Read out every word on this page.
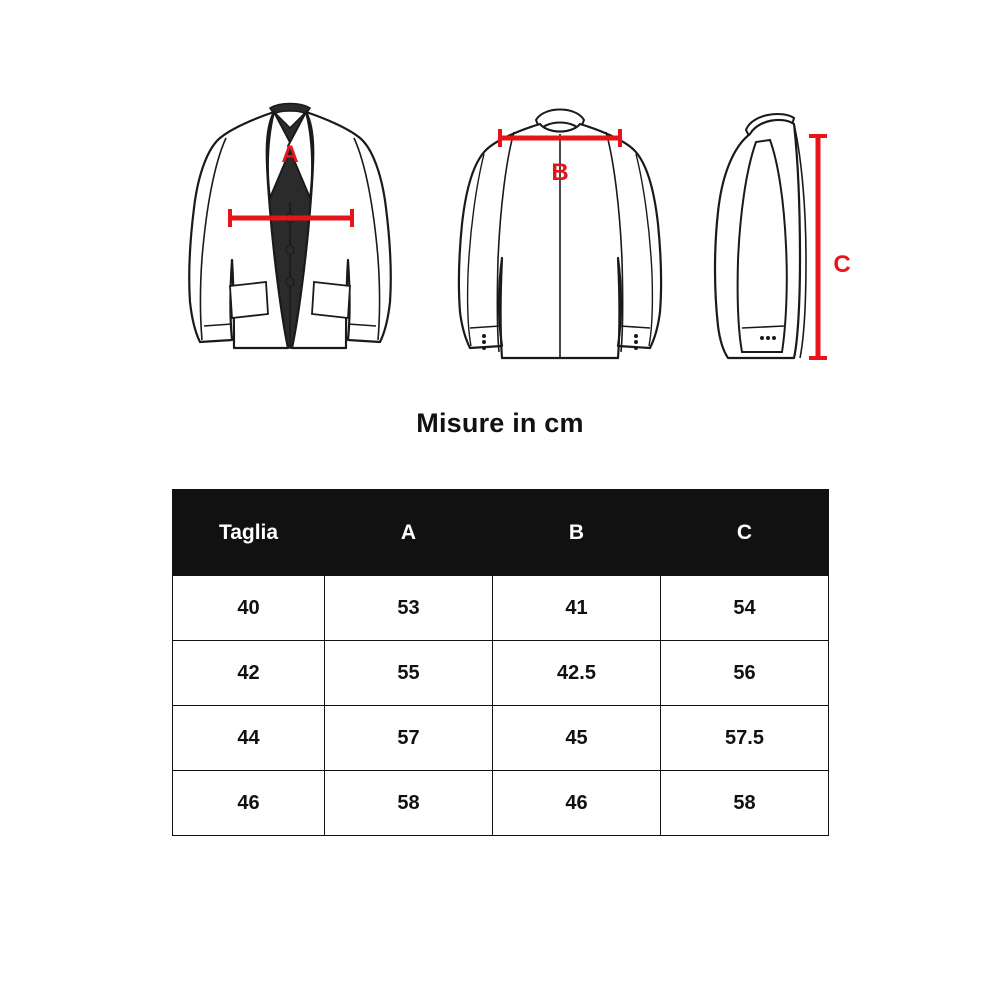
A
B
C
Misure in cm
Taglia	A	B	C
40	53	41	54
42	55	42.5	56
44	57	45	57.5
46	58	46	58
